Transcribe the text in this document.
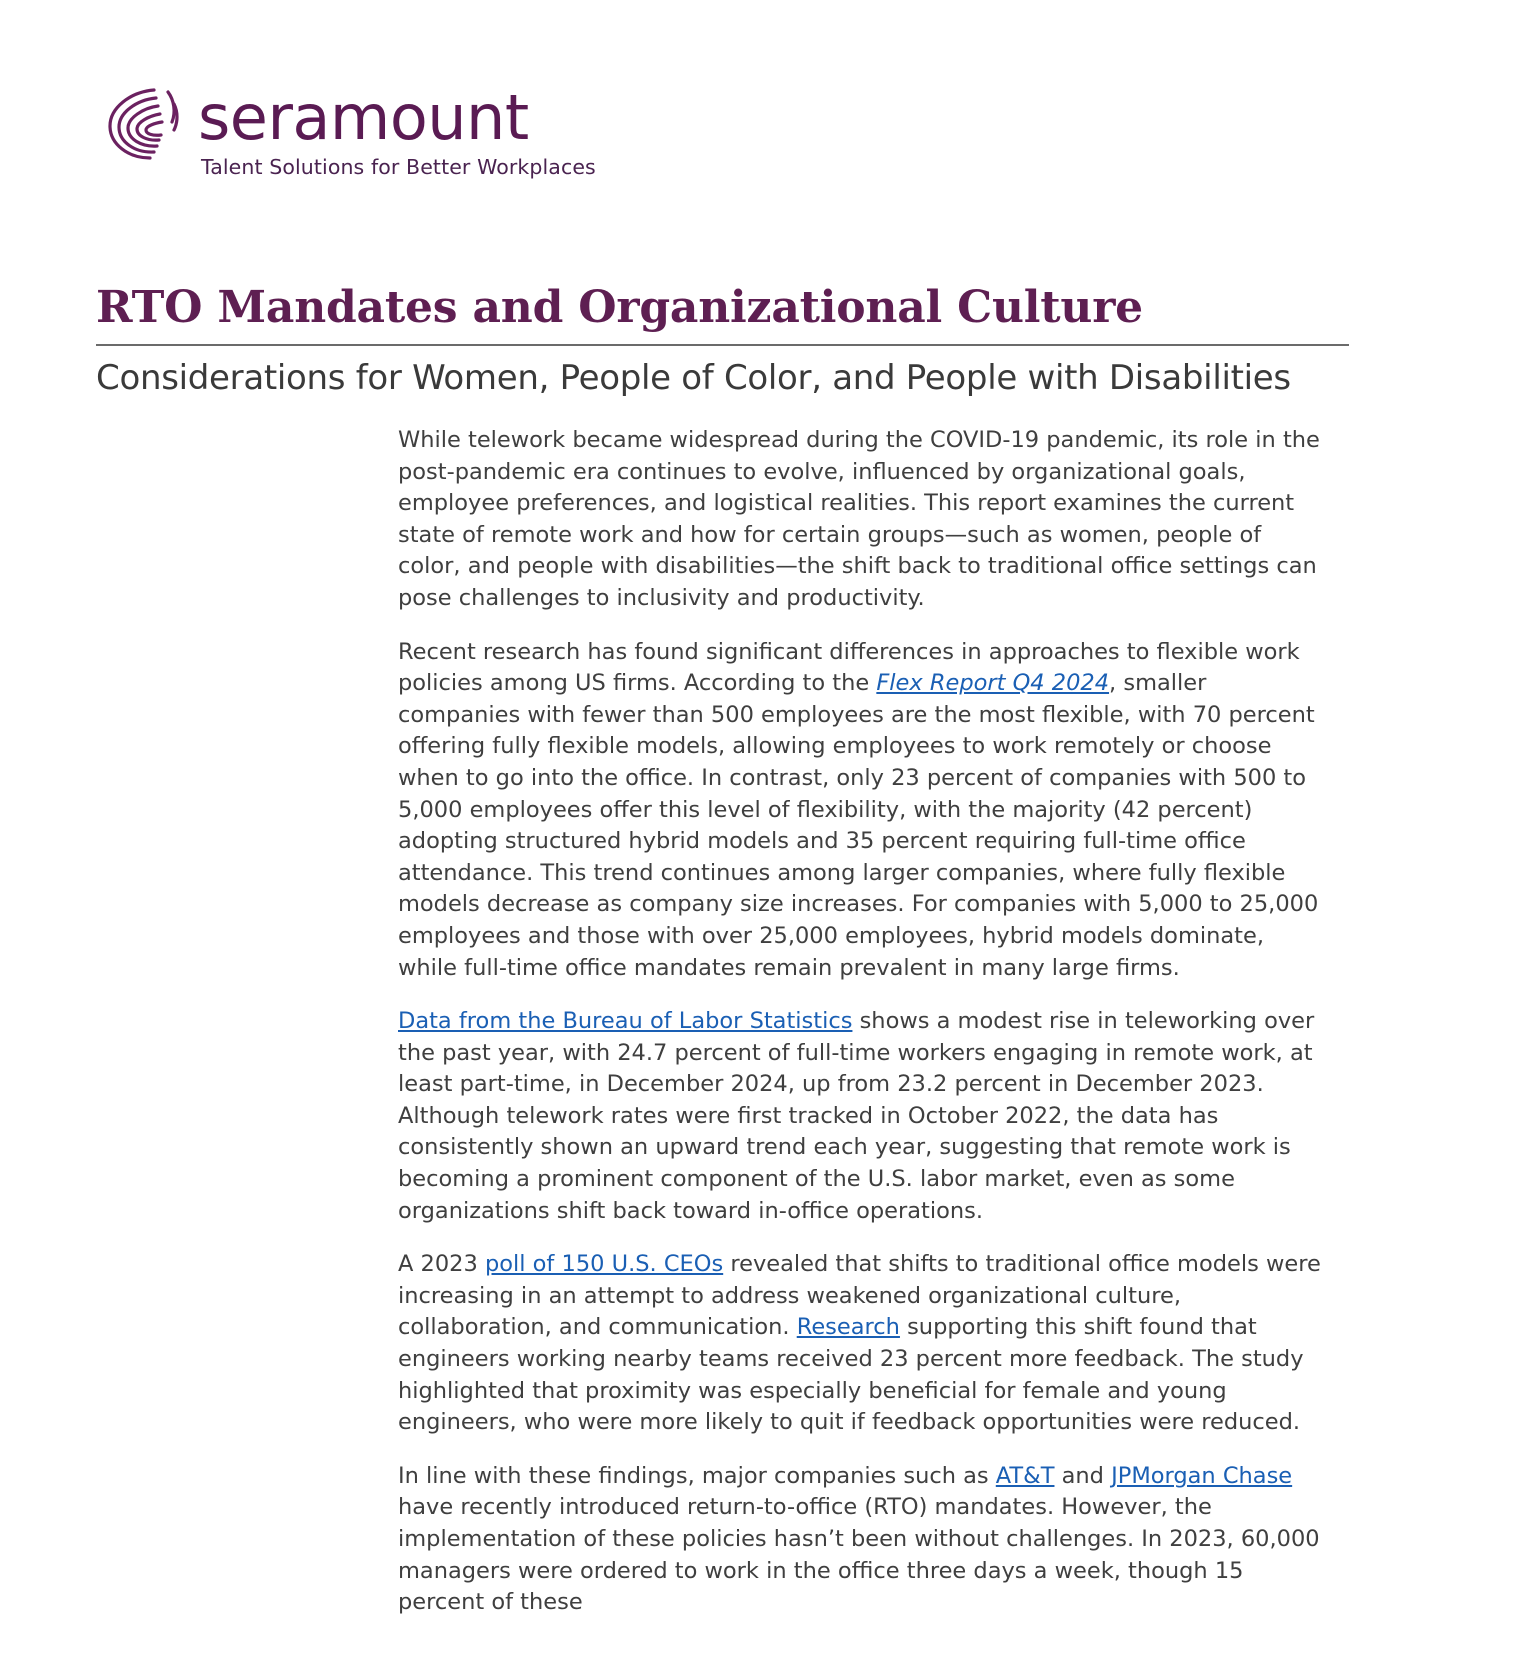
seramount
Talent Solutions for Better Workplaces
RTO Mandates and Organizational Culture
Considerations for Women, People of Color, and People with Disabilities

While telework became widespread during the COVID-19 pandemic, its role in the post-pandemic era continues to evolve, influenced by organizational goals, employee preferences, and logistical realities. This report examines the current state of remote work and how for certain groups—such as women, people of color, and people with disabilities—the shift back to traditional office settings can pose challenges to inclusivity and productivity.

Recent research has found significant differences in approaches to flexible work policies among US firms. According to the Flex Report Q4 2024, smaller companies with fewer than 500 employees are the most flexible, with 70 percent offering fully flexible models, allowing employees to work remotely or choose when to go into the office. In contrast, only 23 percent of companies with 500 to 5,000 employees offer this level of flexibility, with the majority (42 percent) adopting structured hybrid models and 35 percent requiring full-time office attendance. This trend continues among larger companies, where fully flexible models decrease as company size increases. For companies with 5,000 to 25,000 employees and those with over 25,000 employees, hybrid models dominate, while full-time office mandates remain prevalent in many large firms.

Data from the Bureau of Labor Statistics shows a modest rise in teleworking over the past year, with 24.7 percent of full-time workers engaging in remote work, at least part-time, in December 2024, up from 23.2 percent in December 2023. Although telework rates were first tracked in October 2022, the data has consistently shown an upward trend each year, suggesting that remote work is becoming a prominent component of the U.S. labor market, even as some organizations shift back toward in-office operations.

A 2023 poll of 150 U.S. CEOs revealed that shifts to traditional office models were increasing in an attempt to address weakened organizational culture, collaboration, and communication. Research supporting this shift found that engineers working nearby teams received 23 percent more feedback. The study highlighted that proximity was especially beneficial for female and young engineers, who were more likely to quit if feedback opportunities were reduced.

In line with these findings, major companies such as AT&T and JPMorgan Chase have recently introduced return-to-office (RTO) mandates. However, the implementation of these policies hasn’t been without challenges. In 2023, 60,000 managers were ordered to work in the office three days a week, though 15 percent of these
